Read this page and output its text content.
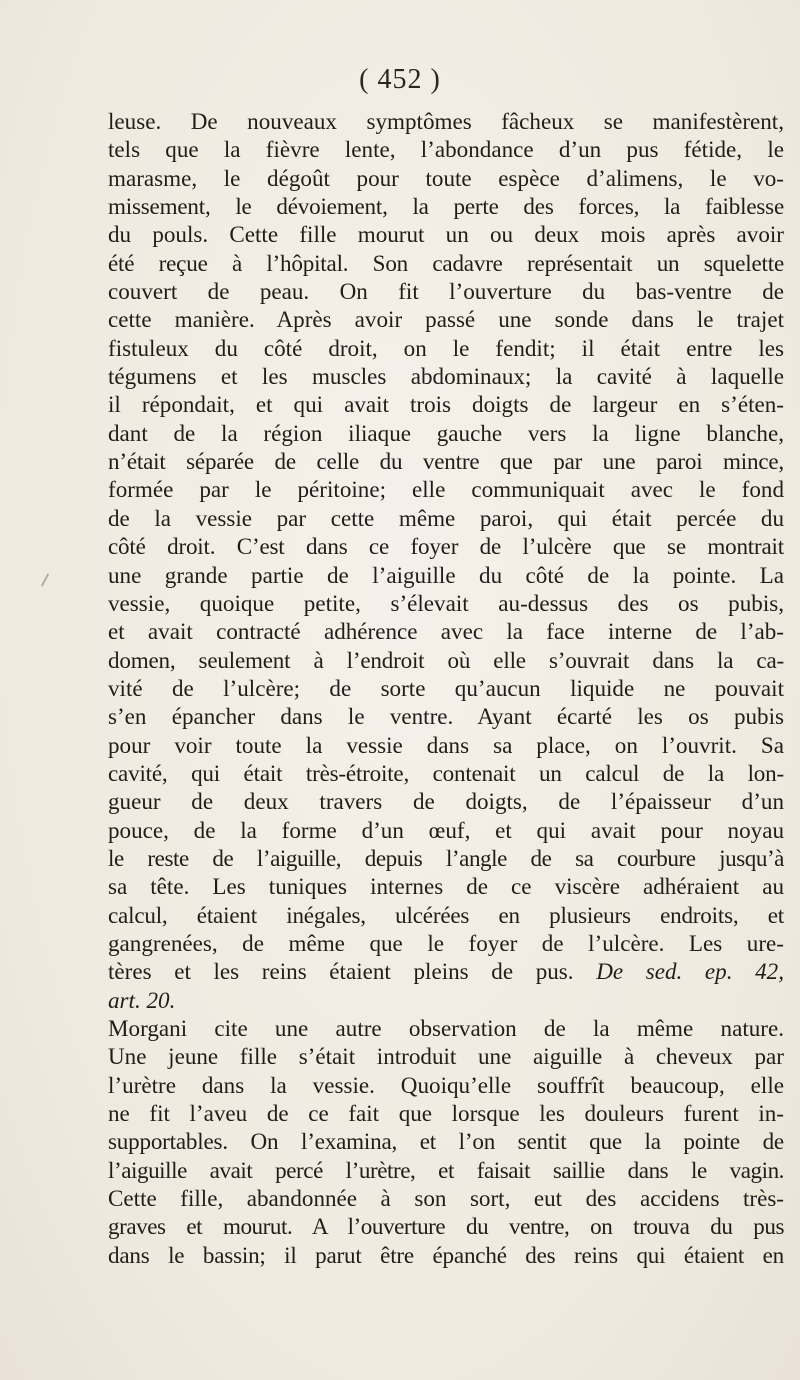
( 452 )
leuse. De nouveaux symptômes fâcheux se manifestèrent,
tels que la fièvre lente, l’abondance d’un pus fétide, le
marasme, le dégoût pour toute espèce d’alimens, le vo-
missement, le dévoiement, la perte des forces, la faiblesse
du pouls. Cette fille mourut un ou deux mois après avoir
été reçue à l’hôpital. Son cadavre représentait un squelette
couvert de peau. On fit l’ouverture du bas-ventre de
cette manière. Après avoir passé une sonde dans le trajet
fistuleux du côté droit, on le fendit; il était entre les
tégumens et les muscles abdominaux; la cavité à laquelle
il répondait, et qui avait trois doigts de largeur en s’éten-
dant de la région iliaque gauche vers la ligne blanche,
n’était séparée de celle du ventre que par une paroi mince,
formée par le péritoine; elle communiquait avec le fond
de la vessie par cette même paroi, qui était percée du
côté droit. C’est dans ce foyer de l’ulcère que se montrait
une grande partie de l’aiguille du côté de la pointe. La
vessie, quoique petite, s’élevait au-dessus des os pubis,
et avait contracté adhérence avec la face interne de l’ab-
domen, seulement à l’endroit où elle s’ouvrait dans la ca-
vité de l’ulcère; de sorte qu’aucun liquide ne pouvait
s’en épancher dans le ventre. Ayant écarté les os pubis
pour voir toute la vessie dans sa place, on l’ouvrit. Sa
cavité, qui était très-étroite, contenait un calcul de la lon-
gueur de deux travers de doigts, de l’épaisseur d’un
pouce, de la forme d’un œuf, et qui avait pour noyau
le reste de l’aiguille, depuis l’angle de sa courbure jusqu’à
sa tête. Les tuniques internes de ce viscère adhéraient au
calcul, étaient inégales, ulcérées en plusieurs endroits, et
gangrenées, de même que le foyer de l’ulcère. Les ure-
tères et les reins étaient pleins de pus. De sed. ep. 42,
art. 20.
Morgani cite une autre observation de la même nature.
Une jeune fille s’était introduit une aiguille à cheveux par
l’urètre dans la vessie. Quoiqu’elle souffrît beaucoup, elle
ne fit l’aveu de ce fait que lorsque les douleurs furent in-
supportables. On l’examina, et l’on sentit que la pointe de
l’aiguille avait percé l’urètre, et faisait saillie dans le vagin.
Cette fille, abandonnée à son sort, eut des accidens très-
graves et mourut. A l’ouverture du ventre, on trouva du pus
dans le bassin; il parut être épanché des reins qui étaient en
